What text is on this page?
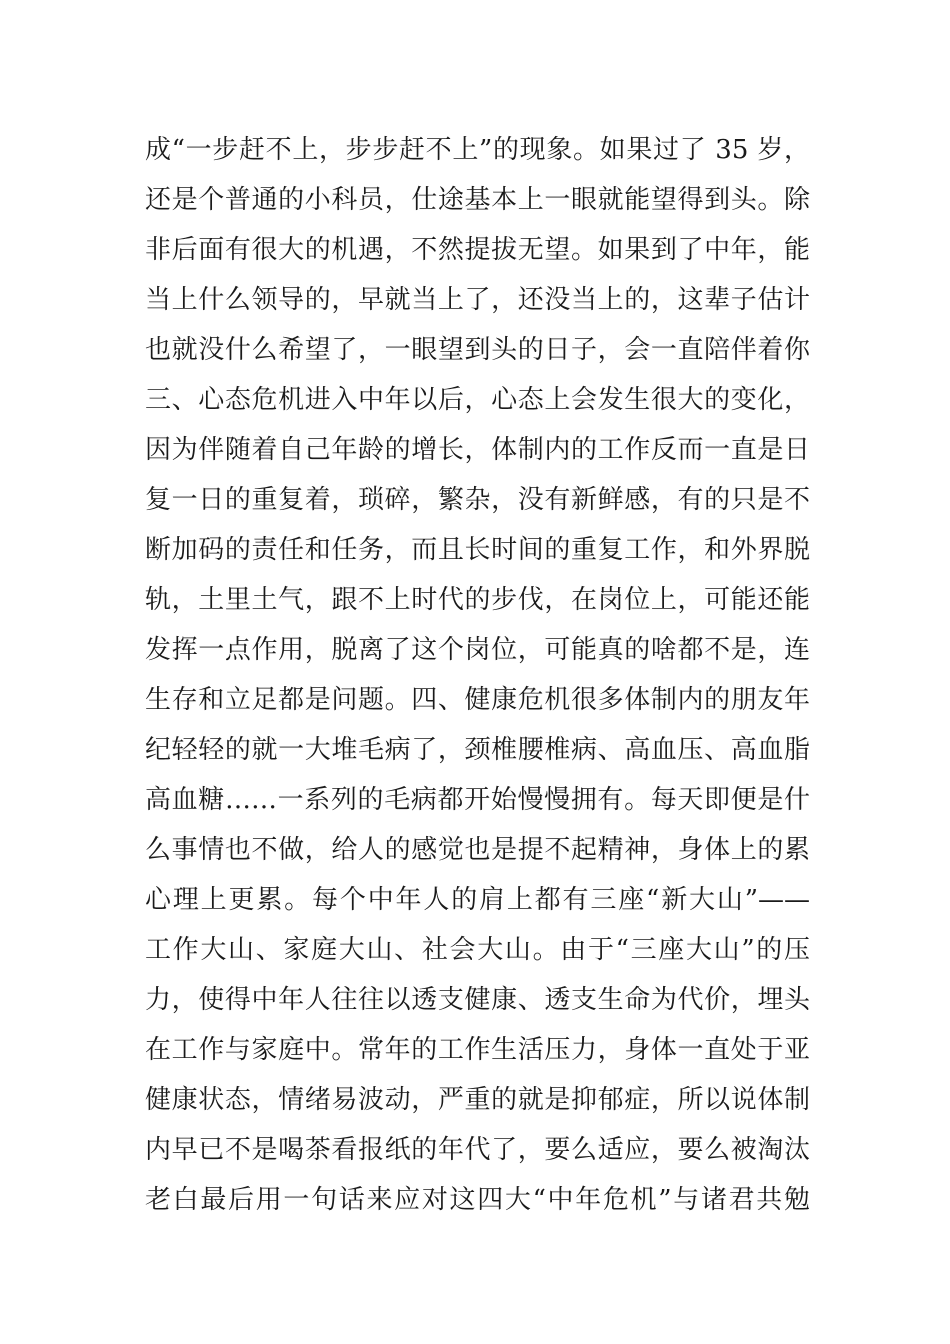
成“一步赶不上，步步赶不上”的现象。如果过了 35 岁，
还是个普通的小科员，仕途基本上一眼就能望得到头。除
非后面有很大的机遇，不然提拔无望。如果到了中年，能
当上什么领导的，早就当上了，还没当上的，这辈子估计
也就没什么希望了，一眼望到头的日子，会一直陪伴着你
三、心态危机进入中年以后，心态上会发生很大的变化，
因为伴随着自己年龄的增长，体制内的工作反而一直是日
复一日的重复着，琐碎，繁杂，没有新鲜感，有的只是不
断加码的责任和任务，而且长时间的重复工作，和外界脱
轨，土里土气，跟不上时代的步伐，在岗位上，可能还能
发挥一点作用，脱离了这个岗位，可能真的啥都不是，连
生存和立足都是问题。四、健康危机很多体制内的朋友年
纪轻轻的就一大堆毛病了，颈椎腰椎病、高血压、高血脂
高血糖……一系列的毛病都开始慢慢拥有。每天即便是什
么事情也不做，给人的感觉也是提不起精神，身体上的累
心理上更累。每个中年人的肩上都有三座“新大山”——
工作大山、家庭大山、社会大山。由于“三座大山”的压
力，使得中年人往往以透支健康、透支生命为代价，埋头
在工作与家庭中。常年的工作生活压力，身体一直处于亚
健康状态，情绪易波动，严重的就是抑郁症，所以说体制
内早已不是喝茶看报纸的年代了，要么适应，要么被淘汰
老白最后用一句话来应对这四大“中年危机”与诸君共勉
